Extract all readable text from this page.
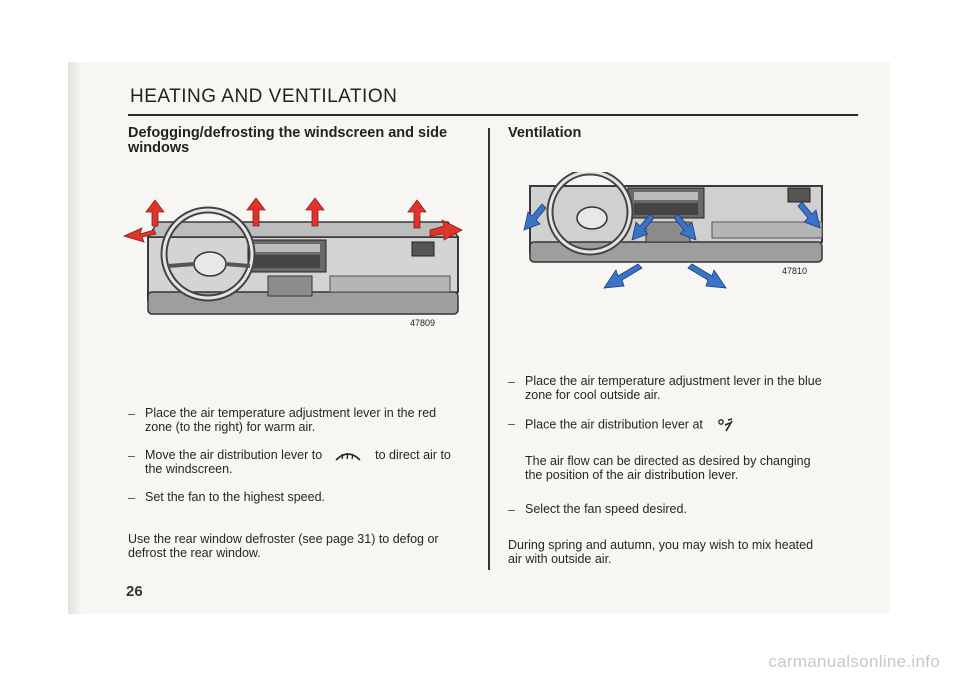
HEATING AND VENTILATION
Defogging/defrosting the windscreen and side windows
47809
– Place the air temperature adjustment lever in the red
zone (to the right) for warm air.
– Move the air distribution lever to	to direct air to
the windscreen.
– Set the fan to the highest speed.
Use the rear window defroster (see page 31) to defog or
defrost the rear window.
Ventilation
47810
– Place the air temperature adjustment lever in the blue
zone for cool outside air.
– Place the air distribution lever at
The air flow can be directed as desired by changing
the position of the air distribution lever.
– Select the fan speed desired.
During spring and autumn, you may wish to mix heated
air with outside air.
26
carmanualsonline.info
